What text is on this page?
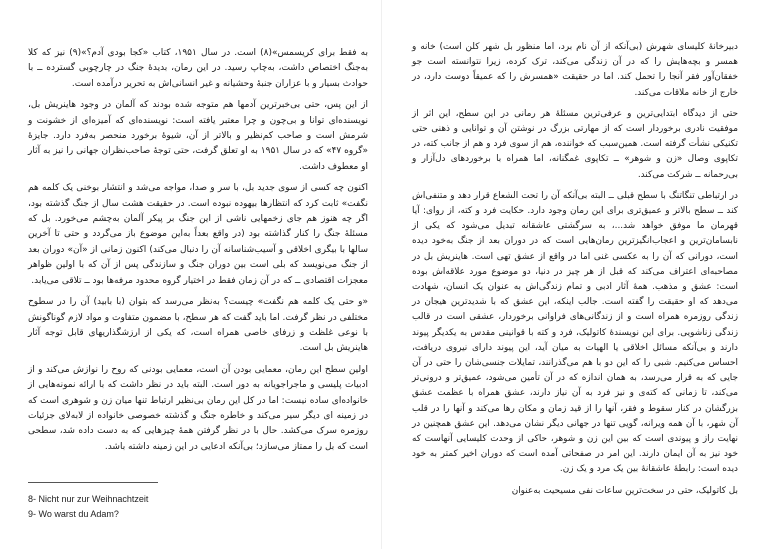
به فقط برای کریسمس»(۸) است. در سال ۱۹۵۱، کتاب «کجا بودی آدم؟»(۹) نیز که کلا به‌جنگ اختصاص داشت، به‌چاپ رسید. در این رمان، بدیدهٔ جنگ در چارچوبی گسترده ــ با حوادث بسیار و با عزاران جنبهٔ وحشیانه و غیر انسانی‌اش به تحریر درآمده است.

از این پس، حتی بی‌خبرترین آدمها هم متوجه شده بودند که آلمان در وجود هاینریش بل، نویسنده‌ای توانا و بی‌چون و چرا معتبر یافته است: نویسنده‌ای که آمیزه‌ای از خشونت و شرمش است و صاحب کم‌نظیر و بالاتر از آن، شیوهٔ برخورد منحصر به‌فرد دارد. جایزهٔ «گروه ۴۷» که در سال ۱۹۵۱ به او تعلق گرفت، حتی توجهٔ صاحب‌نظران جهانی را نیز به آثار او معطوف داشت.

اکنون چه کسی از سوی جدید بل، با سر و صدا، مواجه می‌شد و انتشار بوخنی یک کلمه هم نگفت» ثابت کرد که انتظارها بیهوده نبوده است. در حقیقت هشت سال از جنگ گذشته بود، اگر چه هنوز هم جای زخمهایی ناشی از این جنگ بر پیکر آلمان به‌چشم می‌خورد. بل که مسئلهٔ جنگ را کنار گذاشته بود (در واقع بعداً به‌این موضوع باز می‌گردد و حتی تا آخرین سالها با بیگری اخلاقی و آسیب‌شناسانه آن را دنبال می‌کند) اکنون زمانی از «آن» دوران بعد از جنگ می‌نویسد که بلی است بین دوران جنگ و سازندگی پس از آن که با اولین ظواهر معجزات اقتصادی ــ که در آن زمان فقط در اختیار گروه محدود مرفه‌ها بود ــ تلاقی می‌یابد.

«و حتی یک کلمه هم نگفت» چیست؟ به‌نظر می‌رسد که بتوان (با بابید) آن را در سطوح مختلفی در نظر گرفت. اما باید گفت که هر سطح، با مضمون متفاوت و مواد لازم گوناگونش با نوعی غلظت و زرفای خاصی همراه است، که یکی از ارزشگذاریهای قابل توجه آثار هاینریش بل است.

اولین سطح این رمان، معمایی بودن آن است، معمایی بودنی که روح را نوازش می‌کند و از ادبیات پلیسی و ماجراجویانه به دور است. البته باید در نظر داشت که با ارائه نمونه‌هایی از خانواده‌ای ساده نیست: اما در کل این رمان بی‌نظیر ارتباط تنها میان زن و شوهری است که در زمینه ای دیگر سیر می‌کند و خاطره جنگ و گذشته خصوصی خانواده از لابه‌لای جزئیات روزمره سرک می‌کشد. حال با در نظر گرفتن همهٔ چیزهایی که به دست داده شد، سطحی است که بل را ممتاز می‌سازد؛ بی‌آنکه ادعایی در این زمینه داشته باشد.

8- Nicht nur zur Weihnachtzeit
9- Wo warst du Adam?

دبیرخانهٔ کلیسای شهرش (بی‌آنکه از آن نام برد، اما منظور بل شهر کلن است) خانه و همسر و بچه‌هایش را که در آن زندگی می‌کند، ترک کرده، زیرا نتوانسته است جو خفقان‌آور فقر آنجا را تحمل کند. اما در حقیقت «همسرش را که عمیقاً دوست دارد، در خارج از خانه ملاقات می‌کند.

حتی از دیدگاه ابتدایی‌ترین و عرفی‌ترین مسئلهٔ هر رمانی در این سطح، این اثر از موفقیت نادری برخوردار است که از مهارتی بزرگ در نوشتن آن و توانایی و ذهنی حتی تکنیکی نشأت گرفته است. همین‌سبب که خواننده، هم از سوی فرد و هم از جانب کته، در تکاپوی وصال «زن و شوهر» ــ تکاپوی غمگنانه، اما همراه با برخوردهای دل‌آزار و بی‌رحمانه ــ شرکت می‌کند.

در ارتباطی تنگاتنگ با سطح قبلی ــ البته بی‌آنکه آن را تحت الشعاع قرار دهد و متنفی‌اش کند ــ سطح بالاتر و عمیق‌تری برای این رمان وجود دارد. حکایت فرد و کته، از روای: آیا قهرمان ما موفق خواهد شد...، به سرگشتی عاشقانه تبدیل می‌شود که یکی از نابسامان‌ترین و اعجاب‌انگیزترین رمان‌هایی است که در دوران بعد از جنگ به‌خود دیده است، دورانی که آن را به عکسی غنی اما در واقع از عشق تهی است. هاینریش بل در مصاحبه‌ای اعتراف می‌کند که قبل از هر چیز در دنیا، دو موضوع مورد علاقه‌اش بوده است: عشق و مذهب. همهٔ آثار ادبی و تمام زندگی‌اش به عنوان یک انسان، شهادت می‌دهد که او حقیقت را گفته است. جالب اینکه، این عشق که با شدیدترین هیجان در زندگی روزمره همراه است و از زندگانی‌های فراوانی برخوردار، عشقی است در قالب زندگی زناشویی. برای این نویسندهٔ کاتولیک، فرد و کته با قوانینی مقدس به یکدیگر پیوند دارند و بی‌آنکه مسائل اخلاقی یا الهیات به میان آید، این پیوند دارای نیروی دریافت، احساس می‌کنیم. شبی را که این دو با هم می‌گذرانند، تمایلات جنسی‌شان را حتی در آن جایی که به قرار می‌رسد، به همان اندازه که در آن تأمین می‌شود، عمیق‌تر و درونی‌تر می‌کند، تا زمانی که کته‌ی و نیز فرد به آن نیاز دارند، عشق همراه با عظمت عشق بزرگشان در کنار سقوط و فقر، آنها را از قید زمان و مکان رها می‌کند و آنها را در قلب آن شهر، با آن همه ویرانه، گویی تنها در جهانی دیگر نشان می‌دهد. این عشق همچنین در نهایت راز و پیوندی است که بین این زن و شوهر، حاکی از وحدت کلیسایی آنهاست که خود نیز به آن ایمان دارند. این امر در صفحاتی آمده است که دوران اخیر کمتر به خود دیده است: رابطهٔ عاشقانهٔ بین یک مرد و یک زن.

بل کاتولیک، حتی در سخت‌ترین ساعات نفی مسیحیت به‌عنوان
